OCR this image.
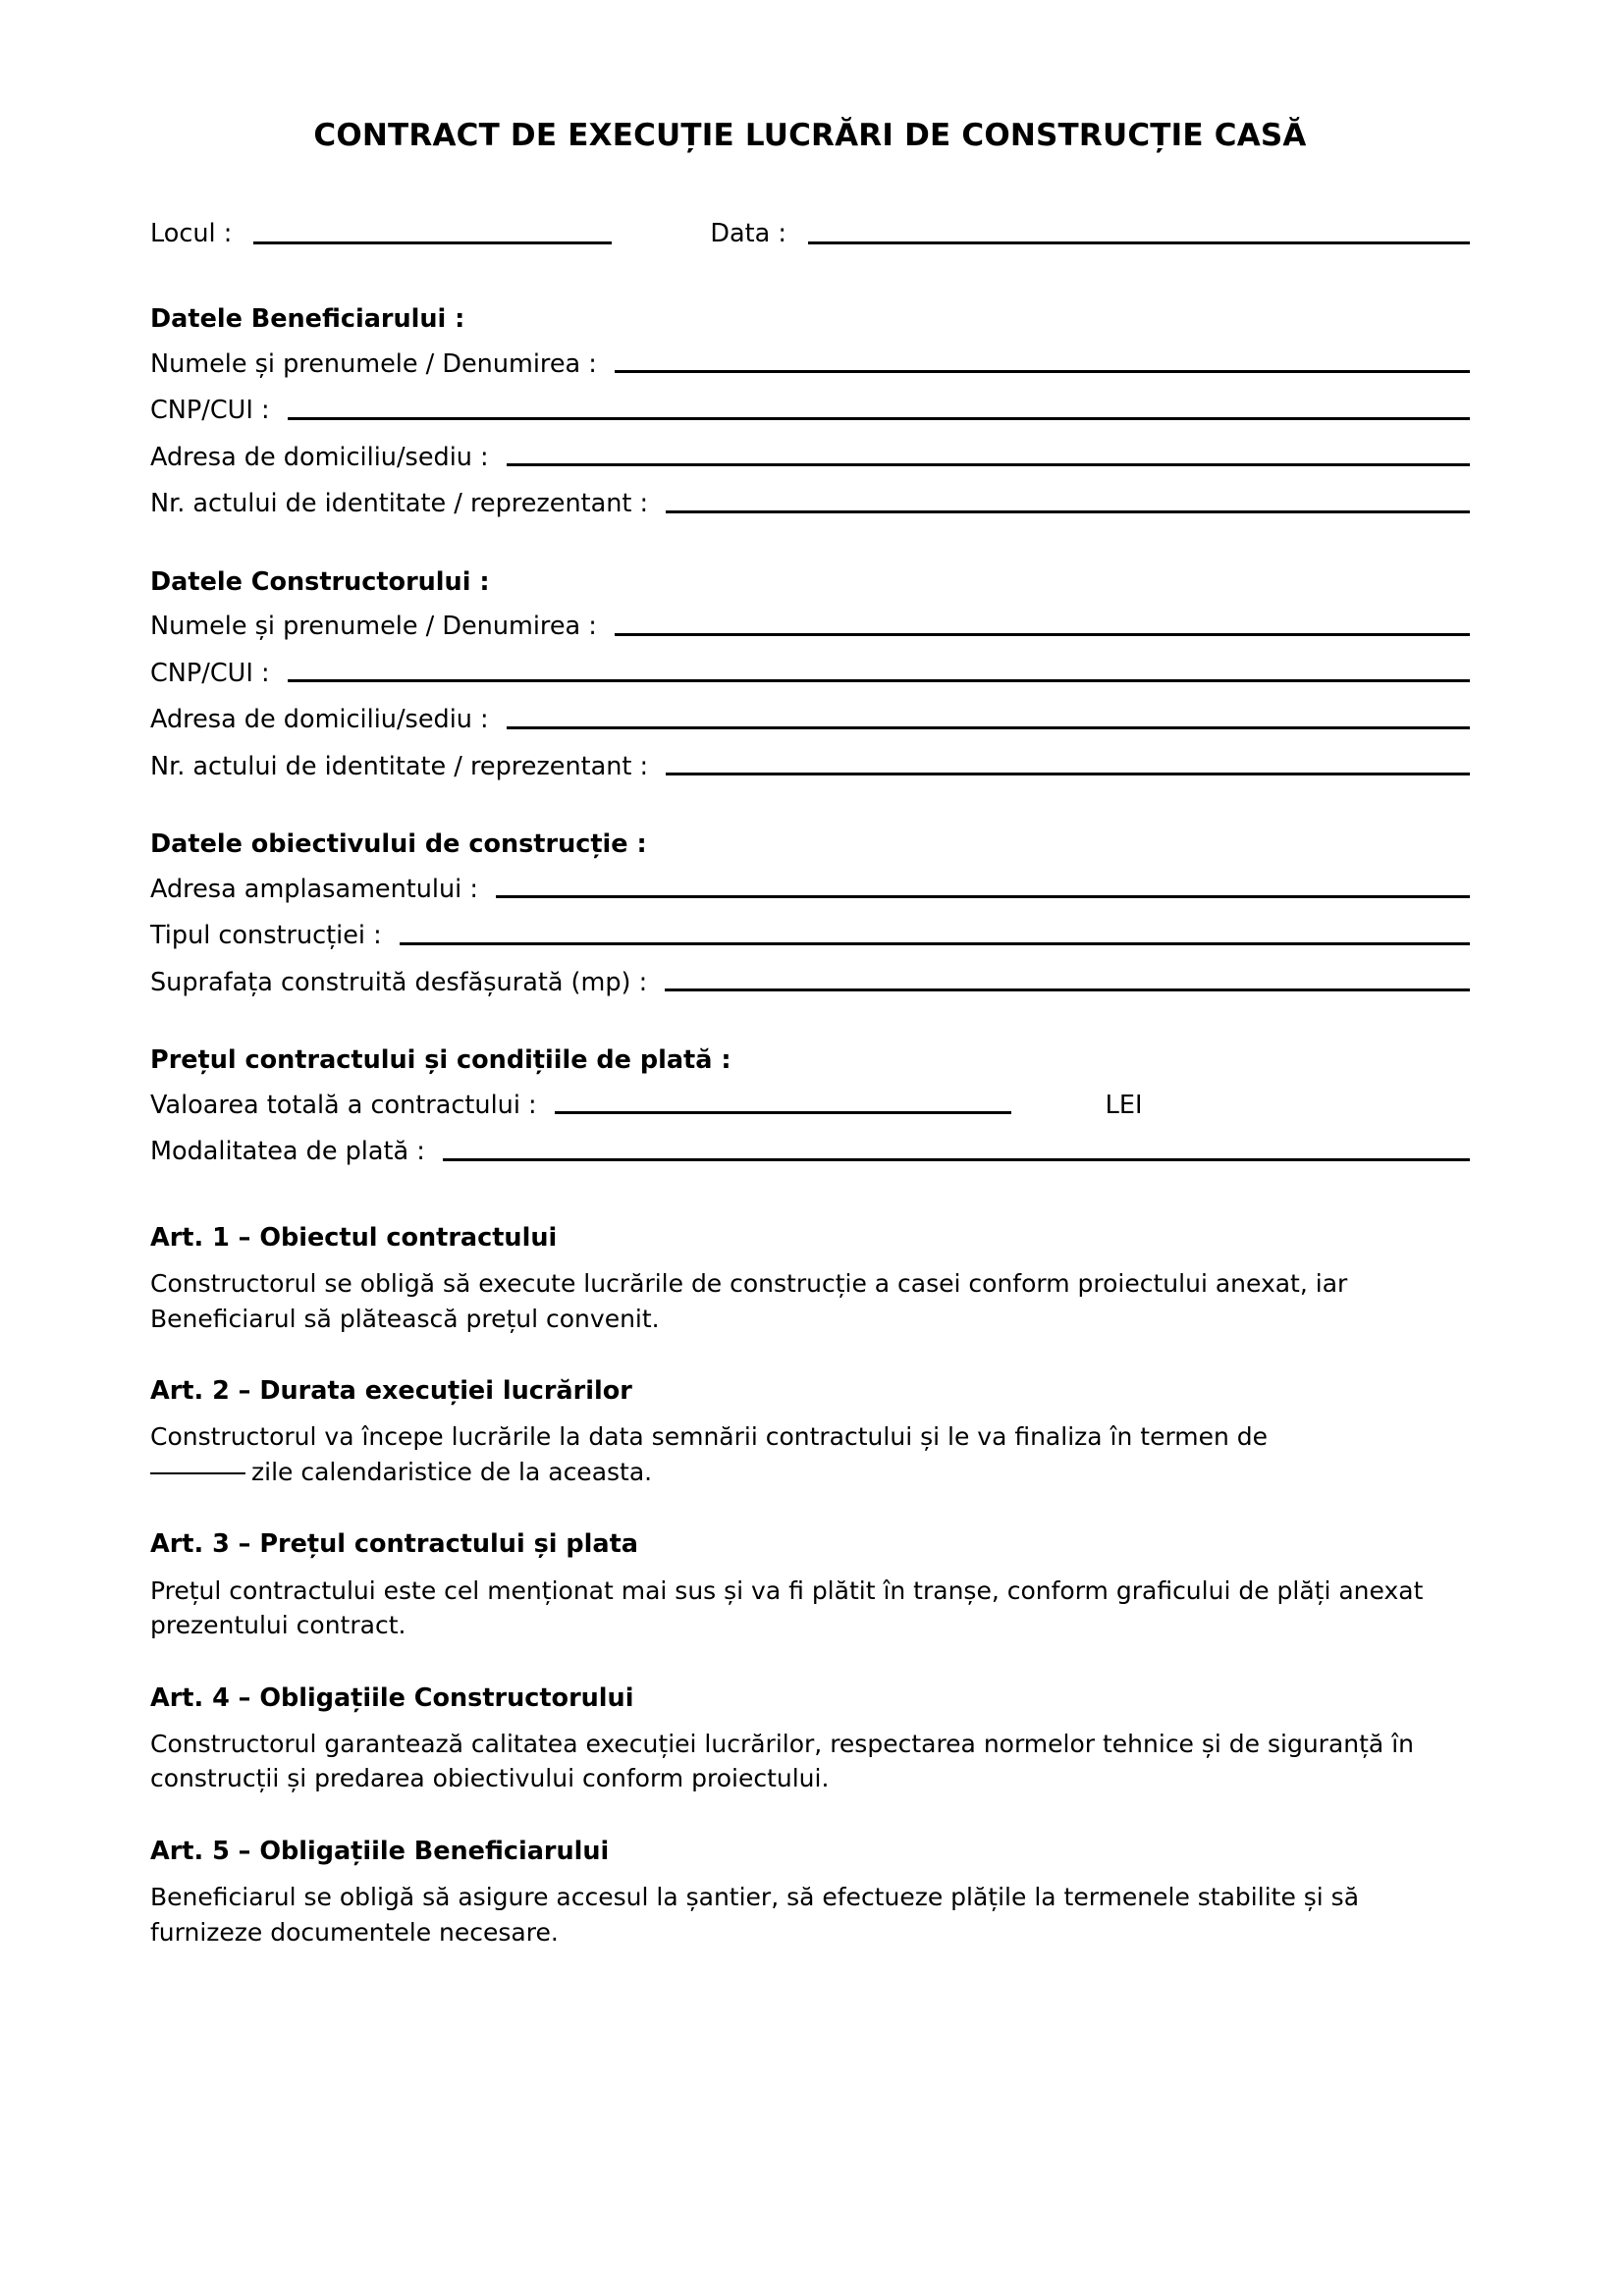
CONTRACT DE EXECUȚIE LUCRĂRI DE CONSTRUCȚIE CASĂ
Locul :	Data :
Datele Beneficiarului :
Numele și prenumele / Denumirea :
CNP/CUI :
Adresa de domiciliu/sediu :
Nr. actului de identitate / reprezentant :
Datele Constructorului :
Numele și prenumele / Denumirea :
CNP/CUI :
Adresa de domiciliu/sediu :
Nr. actului de identitate / reprezentant :
Datele obiectivului de construcție :
Adresa amplasamentului :
Tipul construcției :
Suprafața construită desfășurată (mp) :
Prețul contractului și condițiile de plată :
Valoarea totală a contractului :	LEI
Modalitatea de plată :
Art. 1 – Obiectul contractului

Constructorul se obligă să execute lucrările de construcție a casei conform proiectului anexat, iar Beneficiarul să plătească prețul convenit.

Art. 2 – Durata execuției lucrărilor

Constructorul va începe lucrările la data semnării contractului și le va finaliza în termen de
zile calendaristice de la aceasta.

Art. 3 – Prețul contractului și plata

Prețul contractului este cel menționat mai sus și va fi plătit în tranșe, conform graficului de plăți anexat prezentului contract.

Art. 4 – Obligațiile Constructorului

Constructorul garantează calitatea execuției lucrărilor, respectarea normelor tehnice și de siguranță în construcții și predarea obiectivului conform proiectului.

Art. 5 – Obligațiile Beneficiarului

Beneficiarul se obligă să asigure accesul la șantier, să efectueze plățile la termenele stabilite și să furnizeze documentele necesare.
